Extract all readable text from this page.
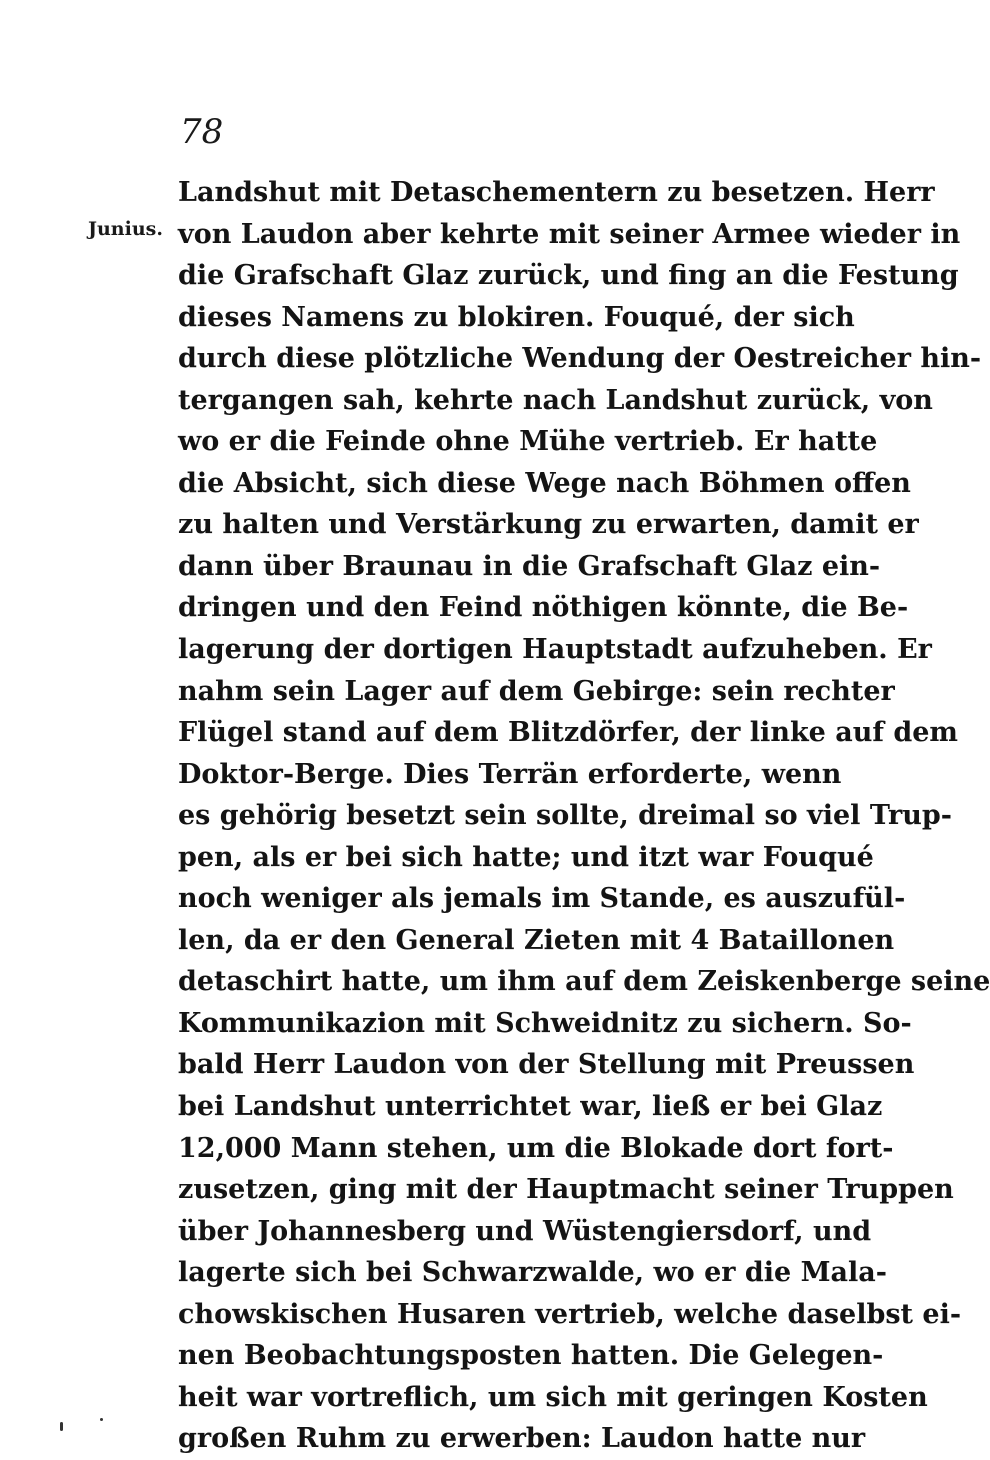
78
Junius.
Landshut mit Detaschementern zu besetzen. Herr
von Laudon aber kehrte mit seiner Armee wieder in
die Grafschaft Glaz zurück, und fing an die Festung
dieses Namens zu blokiren. Fouqué, der sich
durch diese plötzliche Wendung der Oestreicher hin-
tergangen sah, kehrte nach Landshut zurück, von
wo er die Feinde ohne Mühe vertrieb. Er hatte
die Absicht, sich diese Wege nach Böhmen offen
zu halten und Verstärkung zu erwarten, damit er
dann über Braunau in die Grafschaft Glaz ein-
dringen und den Feind nöthigen könnte, die Be-
lagerung der dortigen Hauptstadt aufzuheben. Er
nahm sein Lager auf dem Gebirge: sein rechter
Flügel stand auf dem Blitzdörfer, der linke auf dem
Doktor-Berge. Dies Terrän erforderte, wenn
es gehörig besetzt sein sollte, dreimal so viel Trup-
pen, als er bei sich hatte; und itzt war Fouqué
noch weniger als jemals im Stande, es auszufül-
len, da er den General Zieten mit 4 Bataillonen
detaschirt hatte, um ihm auf dem Zeiskenberge seine
Kommunikazion mit Schweidnitz zu sichern. So-
bald Herr Laudon von der Stellung mit Preussen
bei Landshut unterrichtet war, ließ er bei Glaz
12,000 Mann stehen, um die Blokade dort fort-
zusetzen, ging mit der Hauptmacht seiner Truppen
über Johannesberg und Wüstengiersdorf, und
lagerte sich bei Schwarzwalde, wo er die Mala-
chowskischen Husaren vertrieb, welche daselbst ei-
nen Beobachtungsposten hatten. Die Gelegen-
heit war vortreflich, um sich mit geringen Kosten
großen Ruhm zu erwerben: Laudon hatte nur
